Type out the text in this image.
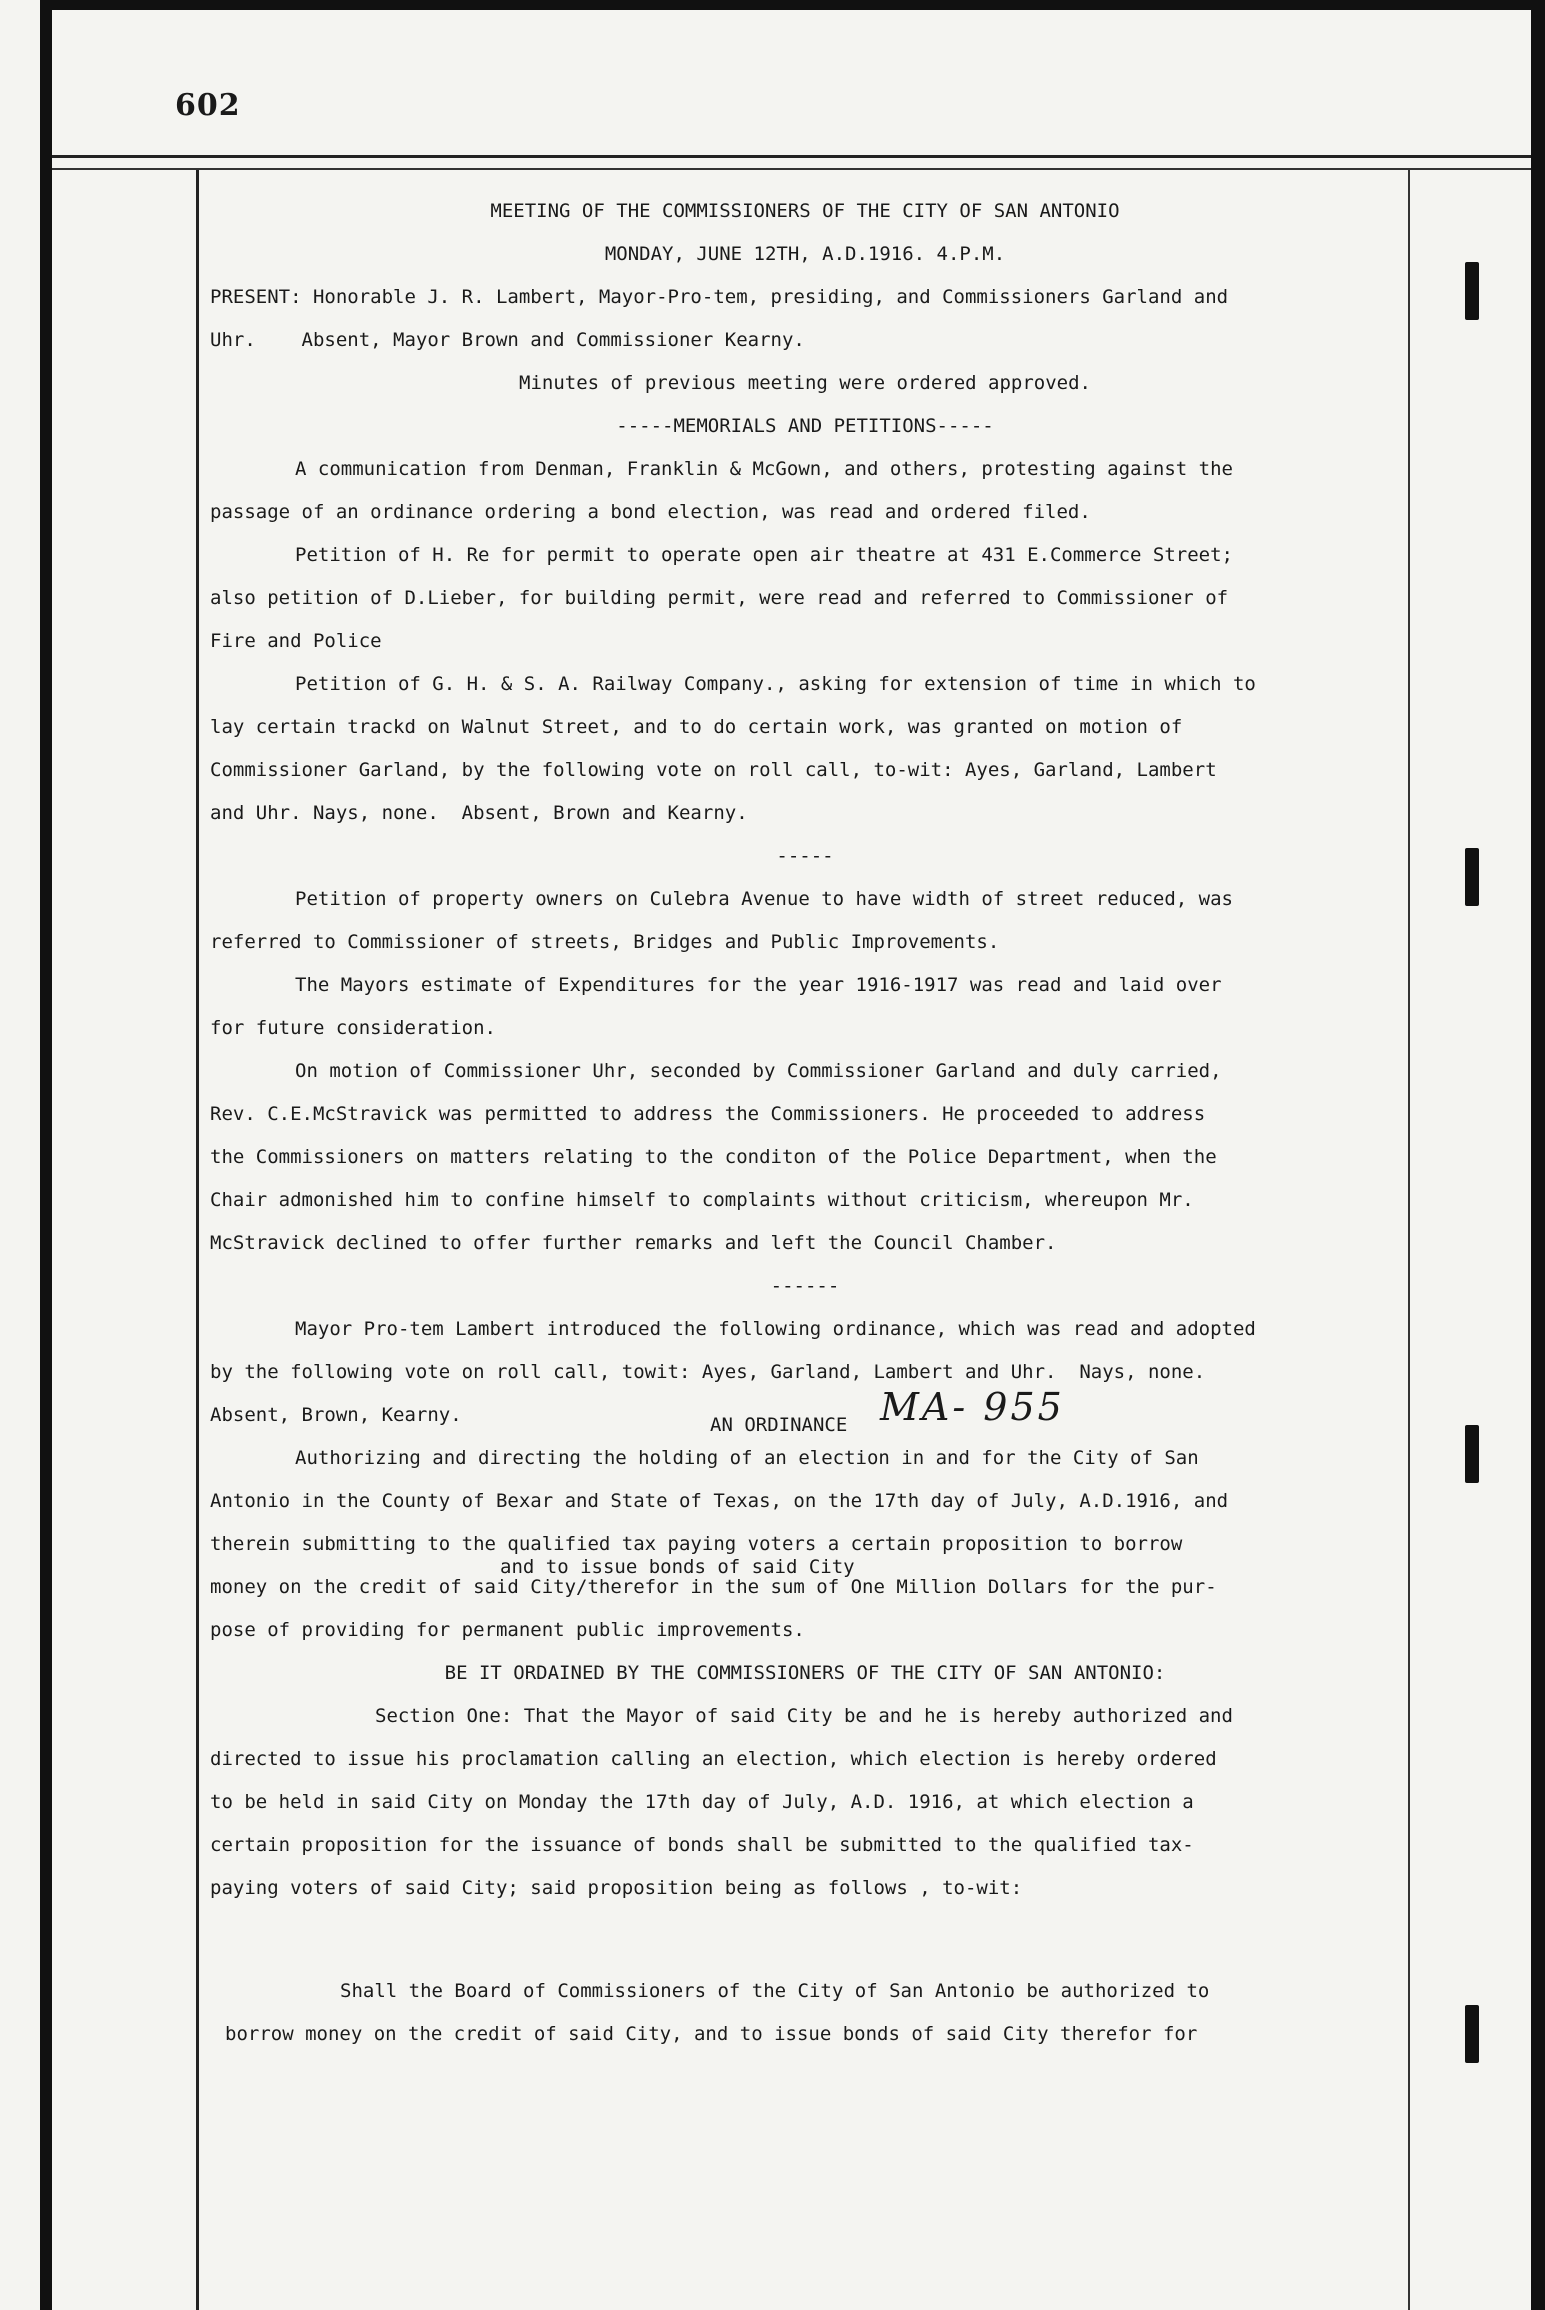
602
MEETING OF THE COMMISSIONERS OF THE CITY OF SAN ANTONIO
MONDAY, JUNE 12TH, A.D.1916. 4.P.M.
PRESENT: Honorable J. R. Lambert, Mayor-Pro-tem, presiding, and Commissioners Garland and
Uhr.    Absent, Mayor Brown and Commissioner Kearny.
Minutes of previous meeting were ordered approved.
-----MEMORIALS AND PETITIONS-----
A communication from Denman, Franklin & McGown, and others, protesting against the
passage of an ordinance ordering a bond election, was read and ordered filed.
Petition of H. Re for permit to operate open air theatre at 431 E.Commerce Street;
also petition of D.Lieber, for building permit, were read and referred to Commissioner of
Fire and Police
Petition of G. H. & S. A. Railway Company., asking for extension of time in which to
lay certain trackd on Walnut Street, and to do certain work, was granted on motion of
Commissioner Garland, by the following vote on roll call, to-wit: Ayes, Garland, Lambert
and Uhr. Nays, none.  Absent, Brown and Kearny.
-----
Petition of property owners on Culebra Avenue to have width of street reduced, was
referred to Commissioner of streets, Bridges and Public Improvements.
The Mayors estimate of Expenditures for the year 1916-1917 was read and laid over
for future consideration.
On motion of Commissioner Uhr, seconded by Commissioner Garland and duly carried,
Rev. C.E.McStravick was permitted to address the Commissioners. He proceeded to address
the Commissioners on matters relating to the conditon of the Police Department, when the
Chair admonished him to confine himself to complaints without criticism, whereupon Mr.
McStravick declined to offer further remarks and left the Council Chamber.
------
Mayor Pro-tem Lambert introduced the following ordinance, which was read and adopted
by the following vote on roll call, towit: Ayes, Garland, Lambert and Uhr.  Nays, none.
Absent, Brown, Kearny.	AN ORDINANCE MA- 955
Authorizing and directing the holding of an election in and for the City of San
Antonio in the County of Bexar and State of Texas, on the 17th day of July, A.D.1916, and
therein submitting to the qualified tax paying voters a certain proposition to borrow
and to issue bonds of said City
money on the credit of said City/therefor in the sum of One Million Dollars for the pur-
pose of providing for permanent public improvements.
BE IT ORDAINED BY THE COMMISSIONERS OF THE CITY OF SAN ANTONIO:
Section One: That the Mayor of said City be and he is hereby authorized and
directed to issue his proclamation calling an election, which election is hereby ordered
to be held in said City on Monday the 17th day of July, A.D. 1916, at which election a
certain proposition for the issuance of bonds shall be submitted to the qualified tax-
paying voters of said City; said proposition being as follows , to-wit:
Shall the Board of Commissioners of the City of San Antonio be authorized to
borrow money on the credit of said City, and to issue bonds of said City therefor for
